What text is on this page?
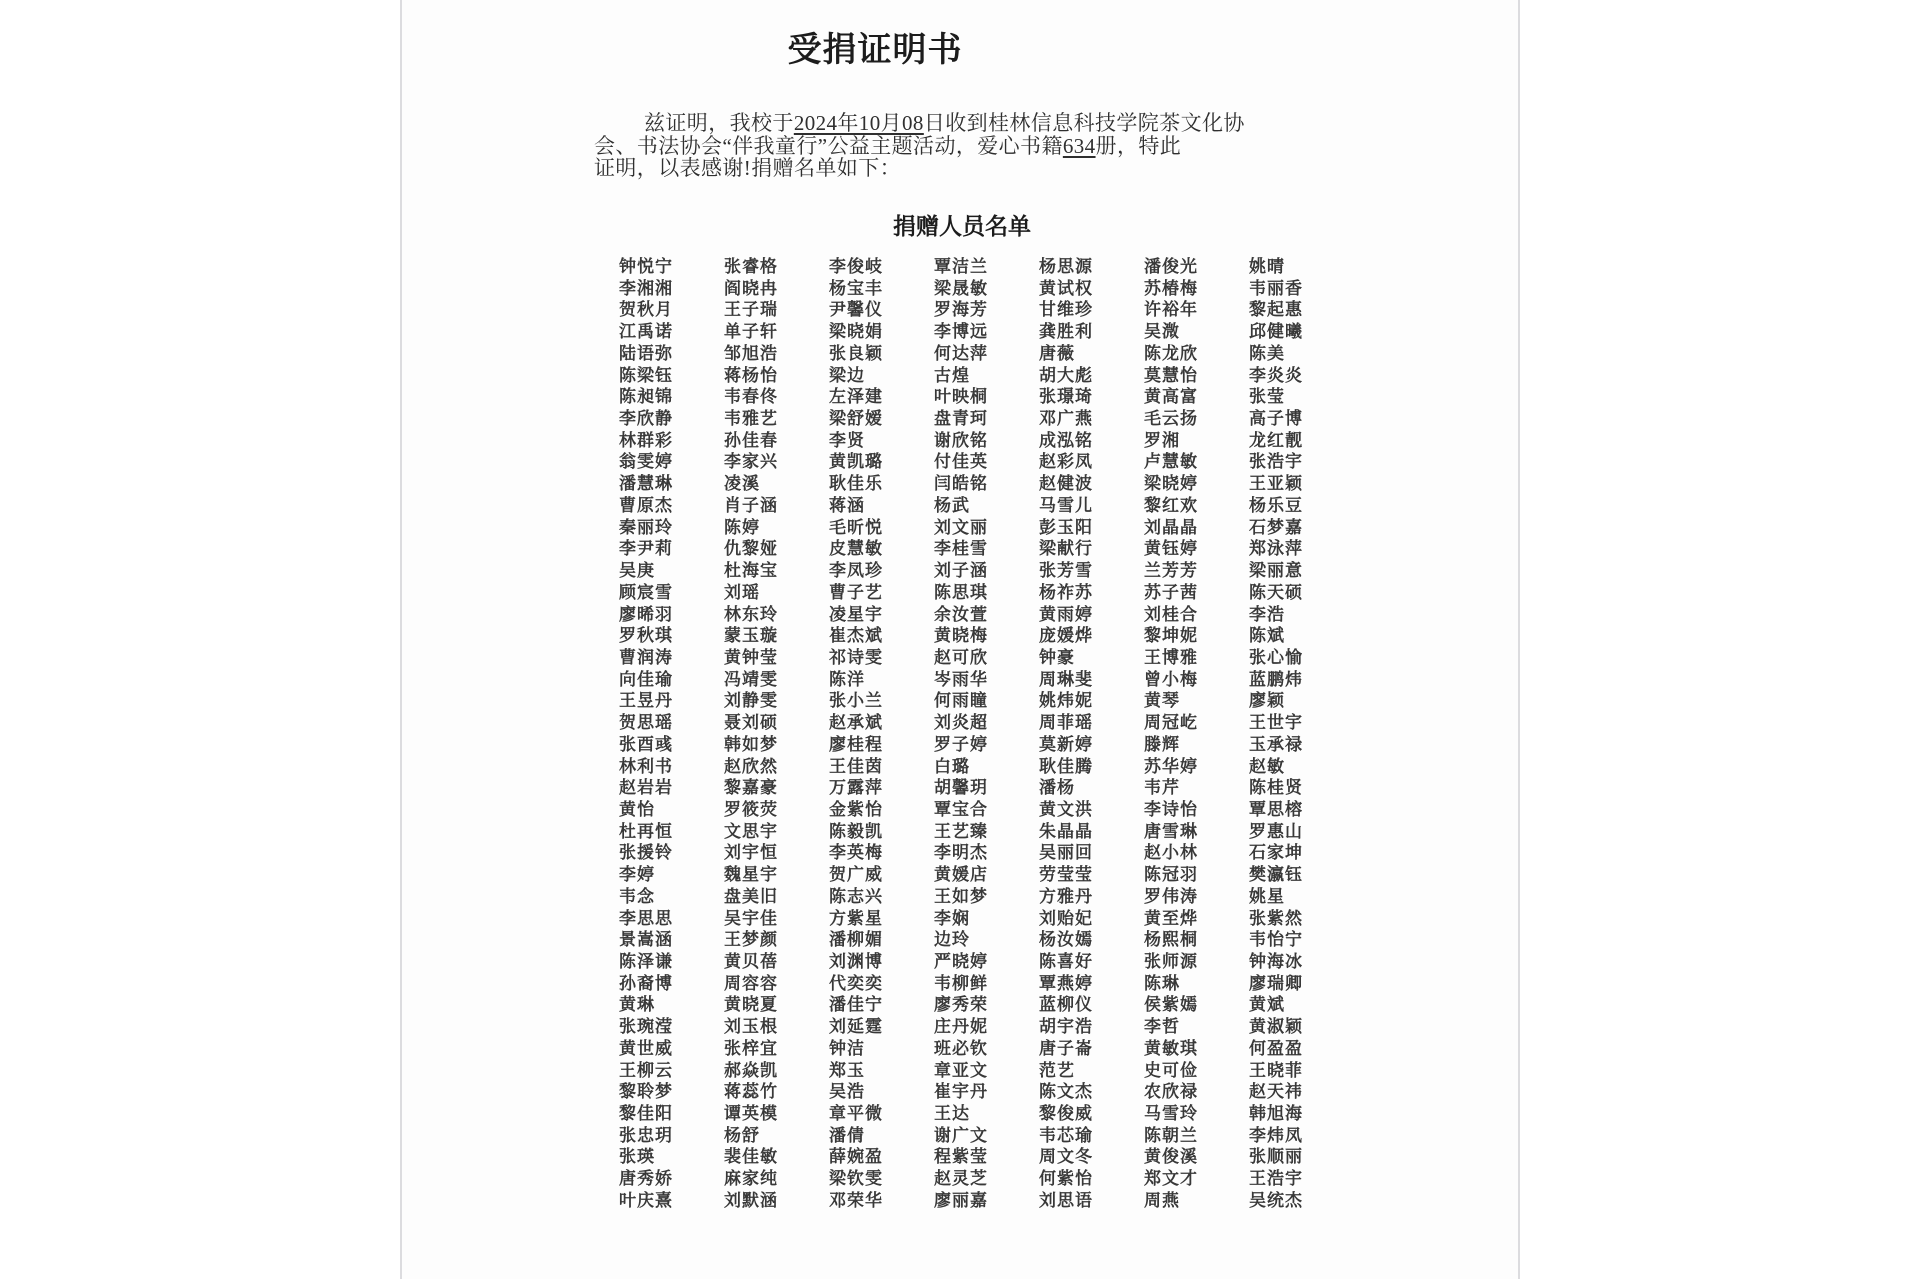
受捐证明书
兹证明，我校于2024年10月08日收到桂林信息科技学院茶文化协
会、书法协会“伴我童行”公益主题活动，爱心书籍634册，特此
证明，以表感谢!捐赠名单如下：
捐赠人员名单
钟悦宁	张睿格	李俊岐	覃洁兰	杨思源	潘俊光	姚晴
李湘湘	阎晓冉	杨宝丰	梁晟敏	黄试权	苏椿梅	韦丽香
贺秋月	王子瑞	尹馨仪	罗海芳	甘维珍	许裕年	黎起惠
江禹诺	单子轩	梁晓娟	李博远	龚胜利	吴溦	邱健曦
陆语弥	邹旭浩	张良颖	何达萍	唐薇	陈龙欣	陈美
陈梁钰	蒋杨怡	梁边	古煌	胡大彪	莫慧怡	李炎炎
陈昶锦	韦春佟	左泽建	叶映桐	张璟琦	黄高富	张莹
李欣静	韦雅艺	梁舒嫒	盘青珂	邓广燕	毛云扬	高子博
林群彩	孙佳春	李贤	谢欣铭	成泓铭	罗湘	龙红靓
翁雯婷	李家兴	黄凯璐	付佳英	赵彩凤	卢慧敏	张浩宇
潘慧琳	凌溪	耿佳乐	闫皓铭	赵健波	梁晓婷	王亚颖
曹原杰	肖子涵	蒋涵	杨武	马雪儿	黎红欢	杨乐豆
秦丽玲	陈婷	毛昕悦	刘文丽	彭玉阳	刘晶晶	石梦嘉
李尹莉	仇黎娅	皮慧敏	李桂雪	梁献行	黄钰婷	郑泳萍
吴庚	杜海宝	李凤珍	刘子涵	张芳雪	兰芳芳	梁丽意
顾宸雪	刘瑶	曹子艺	陈思琪	杨祚苏	苏子茜	陈天硕
廖晞羽	林东玲	凌星宇	余汝萱	黄雨婷	刘桂合	李浩
罗秋琪	蒙玉璇	崔杰斌	黄晓梅	庞媛烨	黎坤妮	陈斌
曹润涛	黄钟莹	祁诗雯	赵可欣	钟豪	王博雅	张心愉
向佳瑜	冯靖雯	陈洋	岑雨华	周琳斐	曾小梅	蓝鹏炜
王昱丹	刘静雯	张小兰	何雨瞳	姚炜妮	黄琴	廖颖
贺思瑶	聂刘硕	赵承斌	刘炎超	周菲瑶	周冠屹	王世宇
张酉彧	韩如梦	廖桂程	罗子婷	莫新婷	滕辉	玉承禄
林利书	赵欣然	王佳茵	白璐	耿佳腾	苏华婷	赵敏
赵岩岩	黎嘉豪	万露萍	胡馨玥	潘杨	韦芹	陈桂贤
黄怡	罗筱荧	金紫怡	覃宝合	黄文洪	李诗怡	覃思榕
杜再恒	文思宇	陈毅凯	王艺臻	朱晶晶	唐雪琳	罗惠山
张援铃	刘宇恒	李英梅	李明杰	吴丽回	赵小林	石家坤
李婷	魏星宇	贺广威	黄媛店	劳莹莹	陈冠羽	樊瀛钰
韦念	盘美旧	陈志兴	王如梦	方雅丹	罗伟涛	姚星
李思思	吴宇佳	方紫星	李娴	刘贻妃	黄至烨	张紫然
景嵩涵	王梦颜	潘柳媚	边玲	杨汝嫣	杨熙桐	韦怡宁
陈泽谦	黄贝蓓	刘渊博	严晓婷	陈喜好	张师源	钟海冰
孙裔博	周容容	代奕奕	韦柳鲜	覃燕婷	陈琳	廖瑞卿
黄琳	黄晓夏	潘佳宁	廖秀荣	蓝柳仪	侯紫嫣	黄斌
张琬滢	刘玉根	刘延霆	庄丹妮	胡宇浩	李哲	黄淑颖
黄世威	张梓宜	钟洁	班必钦	唐子崙	黄敏琪	何盈盈
王柳云	郝焱凯	郑玉	章亚文	范艺	史可俭	王晓菲
黎聆梦	蒋蕊竹	吴浩	崔宇丹	陈文杰	农欣禄	赵天祎
黎佳阳	谭英模	章平微	王达	黎俊威	马雪玲	韩旭海
张忠玥	杨舒	潘倩	谢广文	韦芯瑜	陈朝兰	李炜凤
张瑛	裴佳敏	薛婉盈	程紫莹	周文冬	黄俊溪	张顺丽
唐秀娇	麻家纯	梁钦雯	赵灵芝	何紫怡	郑文才	王浩宇
叶庆熹	刘默涵	邓荣华	廖丽嘉	刘思语	周燕	吴统杰
